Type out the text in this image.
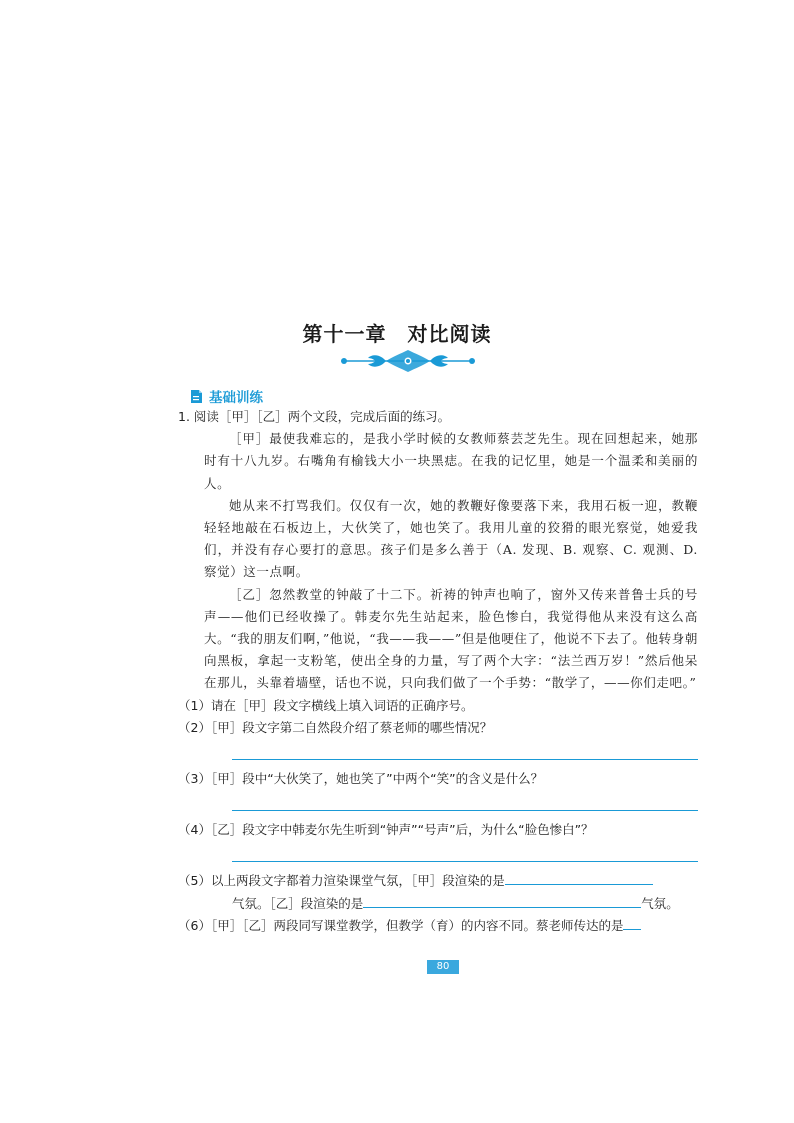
第十一章　对比阅读
基础训练

1. 阅读［甲］［乙］两个文段，完成后面的练习。

［甲］最使我难忘的，是我小学时候的女教师蔡芸芝先生。现在回想起来，她那时有十八九岁。右嘴角有榆钱大小一块黑痣。在我的记忆里，她是一个温柔和美丽的人。

她从来不打骂我们。仅仅有一次，她的教鞭好像要落下来，我用石板一迎，教鞭轻轻地敲在石板边上，大伙笑了，她也笑了。我用儿童的狡猾的眼光察觉，她爱我们，并没有存心要打的意思。孩子们是多么善于（A. 发现、B. 观察、C. 观测、D. 察觉）这一点啊。

［乙］忽然教堂的钟敲了十二下。祈祷的钟声也响了，窗外又传来普鲁士兵的号声——他们已经收操了。韩麦尔先生站起来，脸色惨白，我觉得他从来没有这么高大。“我的朋友们啊，”他说，“我——我——”但是他哽住了，他说不下去了。他转身朝向黑板，拿起一支粉笔，使出全身的力量，写了两个大字：“法兰西万岁！”然后他呆在那儿，头靠着墙壁，话也不说，只向我们做了一个手势：“散学了，——你们走吧。”

（1）请在［甲］段文字横线上填入词语的正确序号。

（2）［甲］段文字第二自然段介绍了蔡老师的哪些情况？

（3）［甲］段中“大伙笑了，她也笑了”中两个“笑”的含义是什么？

（4）［乙］段文字中韩麦尔先生听到“钟声”“号声”后，为什么“脸色惨白”？

（5）以上两段文字都着力渲染课堂气氛，［甲］段渲染的是

气氛。［乙］段渲染的是	气氛。

（6）［甲］［乙］两段同写课堂教学，但教学（育）的内容不同。蔡老师传达的是

80
